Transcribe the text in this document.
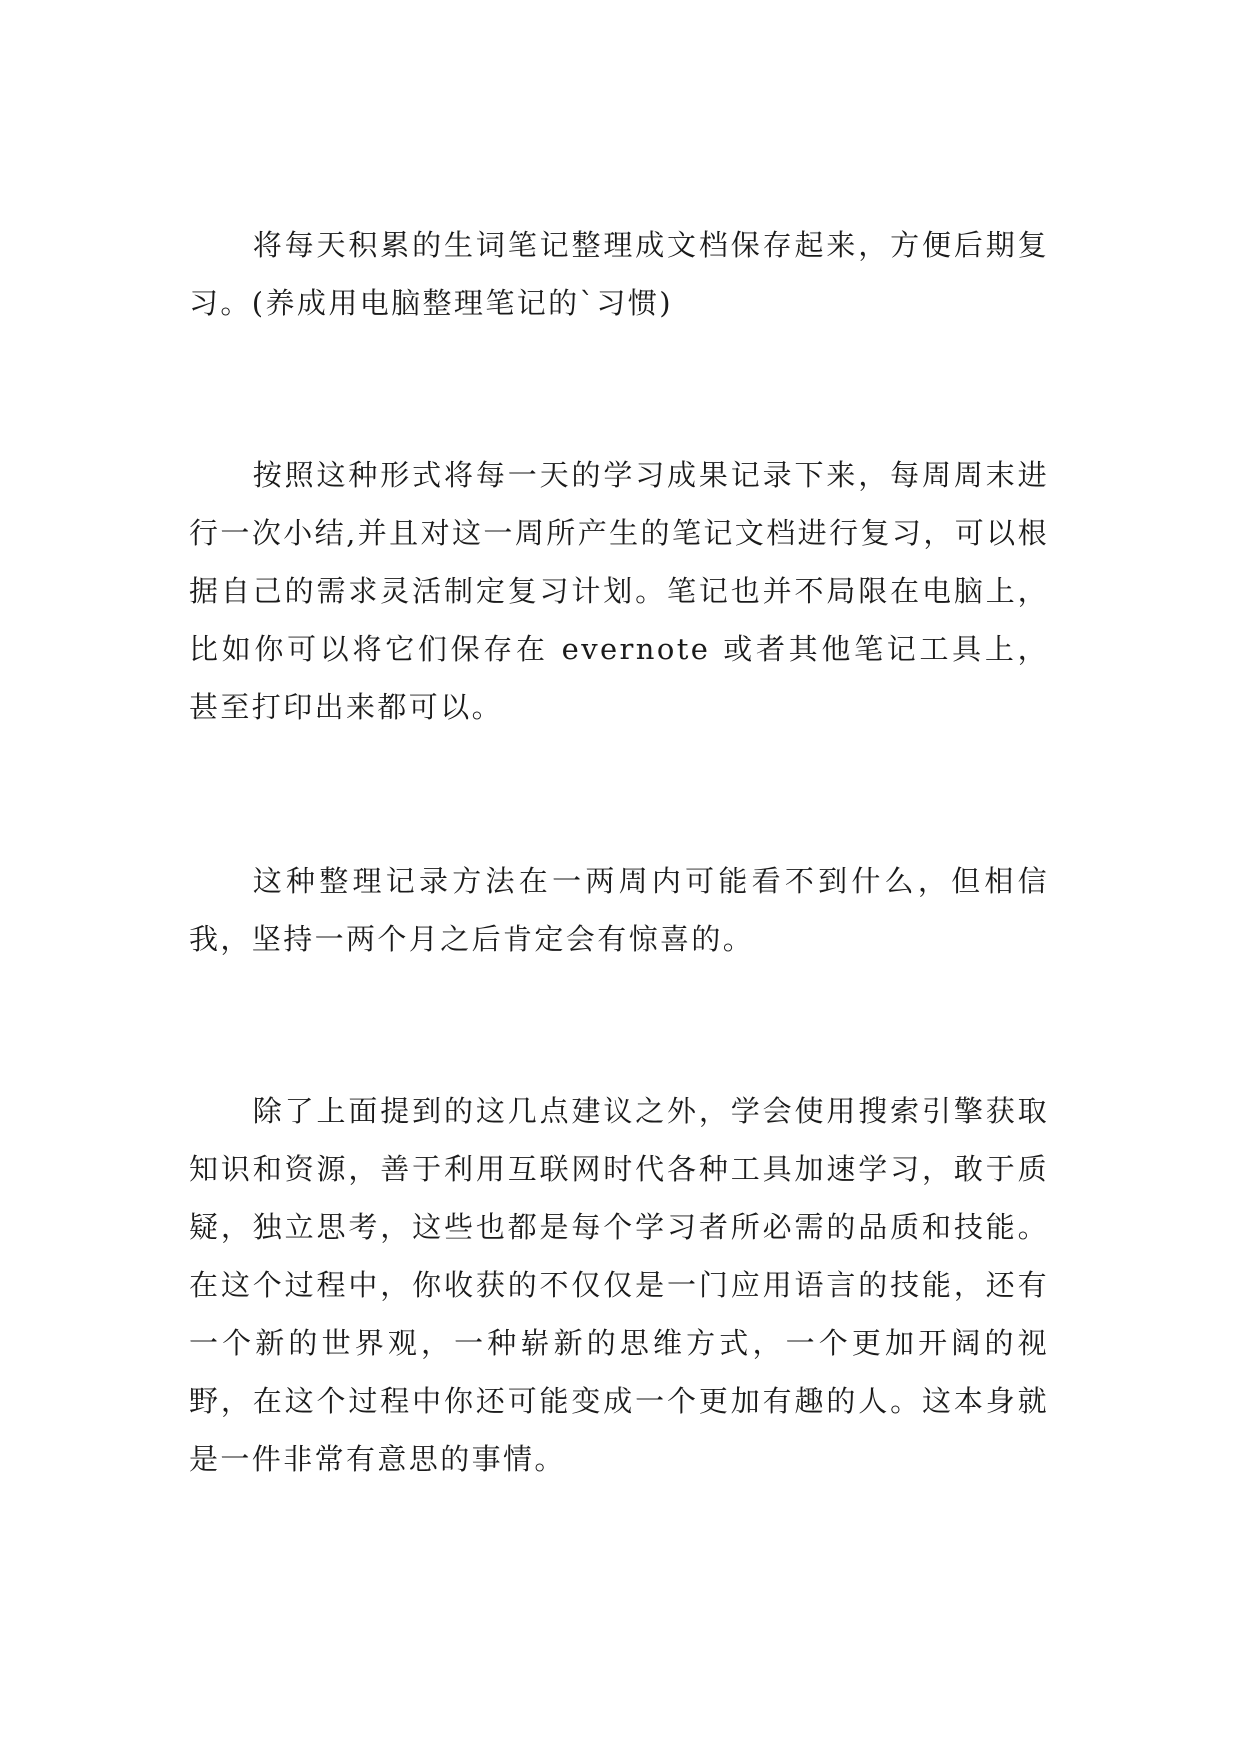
将每天积累的生词笔记整理成文档保存起来，方便后期复习。(养成用电脑整理笔记的`习惯)

按照这种形式将每一天的学习成果记录下来，每周周末进行一次小结,并且对这一周所产生的笔记文档进行复习，可以根据自己的需求灵活制定复习计划。笔记也并不局限在电脑上，比如你可以将它们保存在 evernote 或者其他笔记工具上，甚至打印出来都可以。

这种整理记录方法在一两周内可能看不到什么，但相信我，坚持一两个月之后肯定会有惊喜的。

除了上面提到的这几点建议之外，学会使用搜索引擎获取知识和资源，善于利用互联网时代各种工具加速学习，敢于质疑，独立思考，这些也都是每个学习者所必需的品质和技能。在这个过程中，你收获的不仅仅是一门应用语言的技能，还有一个新的世界观，一种崭新的思维方式，一个更加开阔的视野，在这个过程中你还可能变成一个更加有趣的人。这本身就是一件非常有意思的事情。
